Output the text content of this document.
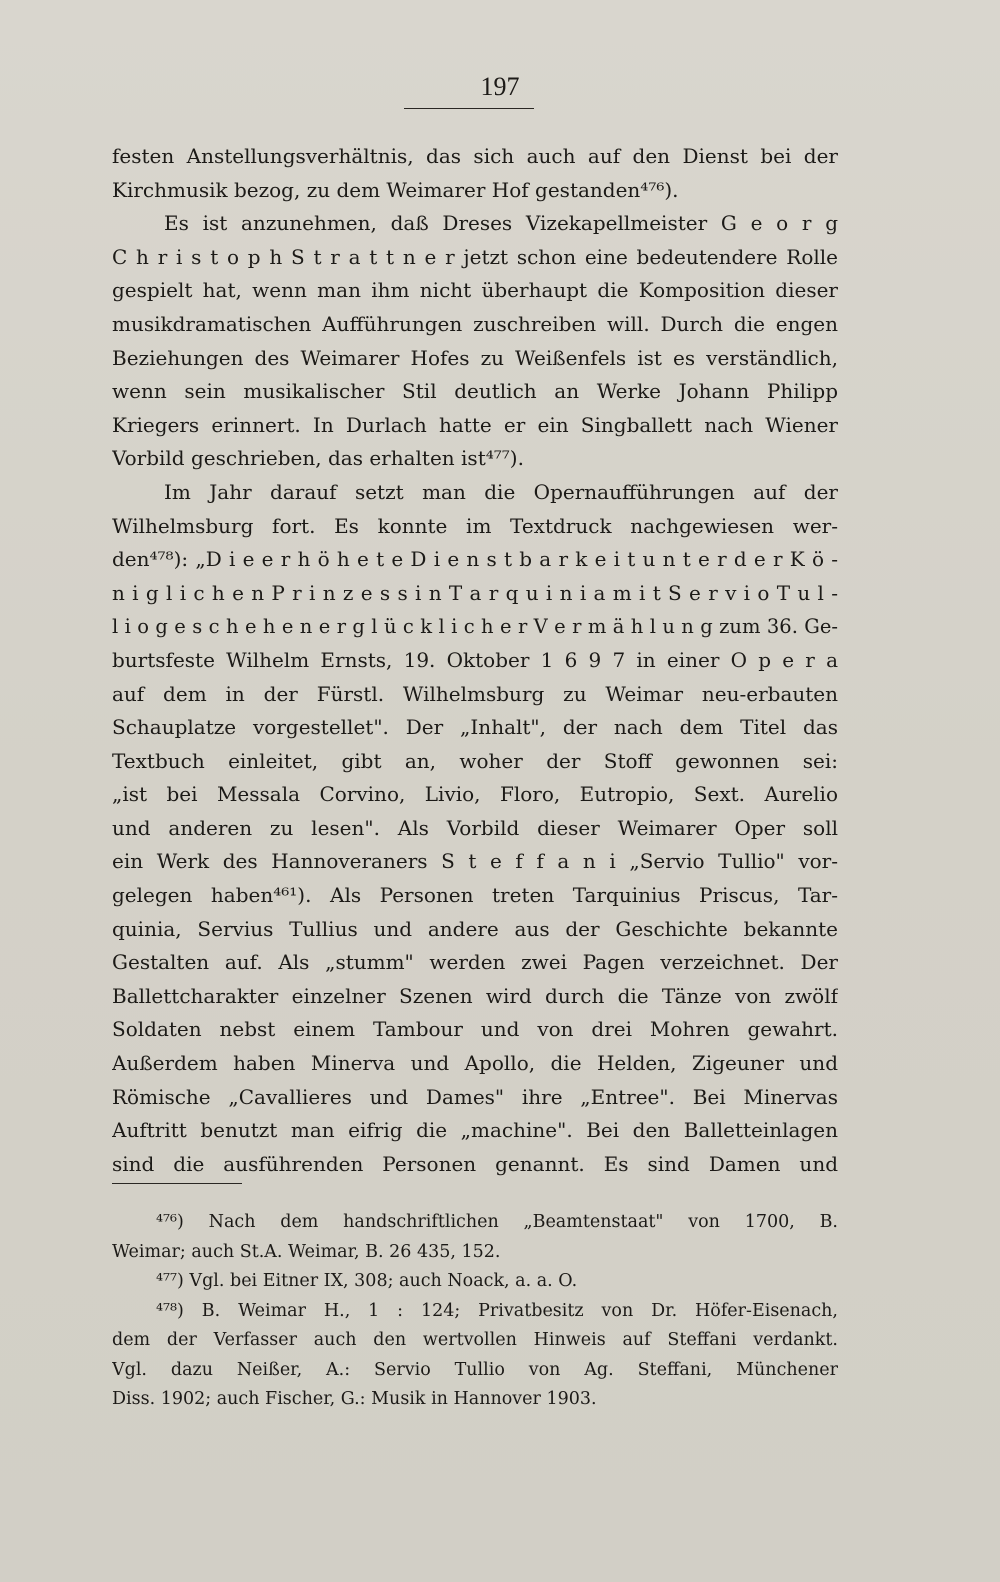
197
festen Anstellungsverhältnis, das sich auch auf den Dienst bei der
Kirchmusik bezog, zu dem Weimarer Hof gestanden⁴⁷⁶).
Es ist anzunehmen, daß Dreses Vizekapellmeister G e o r g
C h r i s t o p h S t r a t t n e r jetzt schon eine bedeutendere Rolle
gespielt hat, wenn man ihm nicht überhaupt die Komposition dieser
musikdramatischen Aufführungen zuschreiben will. Durch die engen
Beziehungen des Weimarer Hofes zu Weißenfels ist es verständlich,
wenn sein musikalischer Stil deutlich an Werke Johann Philipp
Kriegers erinnert. In Durlach hatte er ein Singballett nach Wiener
Vorbild geschrieben, das erhalten ist⁴⁷⁷).
Im Jahr darauf setzt man die Opernaufführungen auf der
Wilhelmsburg fort. Es konnte im Textdruck nachgewiesen wer-
den⁴⁷⁸): „D i e e r h ö h e t e D i e n s t b a r k e i t u n t e r d e r K ö -
n i g l i c h e n P r i n z e s s i n T a r q u i n i a m i t S e r v i o T u l -
l i o g e s c h e h e n e r g l ü c k l i c h e r V e r m ä h l u n g zum 36. Ge-
burtsfeste Wilhelm Ernsts, 19. Oktober 1 6 9 7 in einer O p e r a
auf dem in der Fürstl. Wilhelmsburg zu Weimar neu-erbauten
Schauplatze vorgestellet". Der „Inhalt", der nach dem Titel das
Textbuch einleitet, gibt an, woher der Stoff gewonnen sei:
„ist bei Messala Corvino, Livio, Floro, Eutropio, Sext. Aurelio
und anderen zu lesen". Als Vorbild dieser Weimarer Oper soll
ein Werk des Hannoveraners S t e f f a n i „Servio Tullio" vor-
gelegen haben⁴⁶¹). Als Personen treten Tarquinius Priscus, Tar-
quinia, Servius Tullius und andere aus der Geschichte bekannte
Gestalten auf. Als „stumm" werden zwei Pagen verzeichnet. Der
Ballettcharakter einzelner Szenen wird durch die Tänze von zwölf
Soldaten nebst einem Tambour und von drei Mohren gewahrt.
Außerdem haben Minerva und Apollo, die Helden, Zigeuner und
Römische „Cavallieres und Dames" ihre „Entree". Bei Minervas
Auftritt benutzt man eifrig die „machine". Bei den Balletteinlagen
sind die ausführenden Personen genannt. Es sind Damen und
⁴⁷⁶) Nach dem handschriftlichen „Beamtenstaat" von 1700, B.
Weimar; auch St.A. Weimar, B. 26 435, 152.
⁴⁷⁷) Vgl. bei Eitner IX, 308; auch Noack, a. a. O.
⁴⁷⁸) B. Weimar H., 1 : 124; Privatbesitz von Dr. Höfer-Eisenach,
dem der Verfasser auch den wertvollen Hinweis auf Steffani verdankt.
Vgl. dazu Neißer, A.: Servio Tullio von Ag. Steffani, Münchener
Diss. 1902; auch Fischer, G.: Musik in Hannover 1903.
